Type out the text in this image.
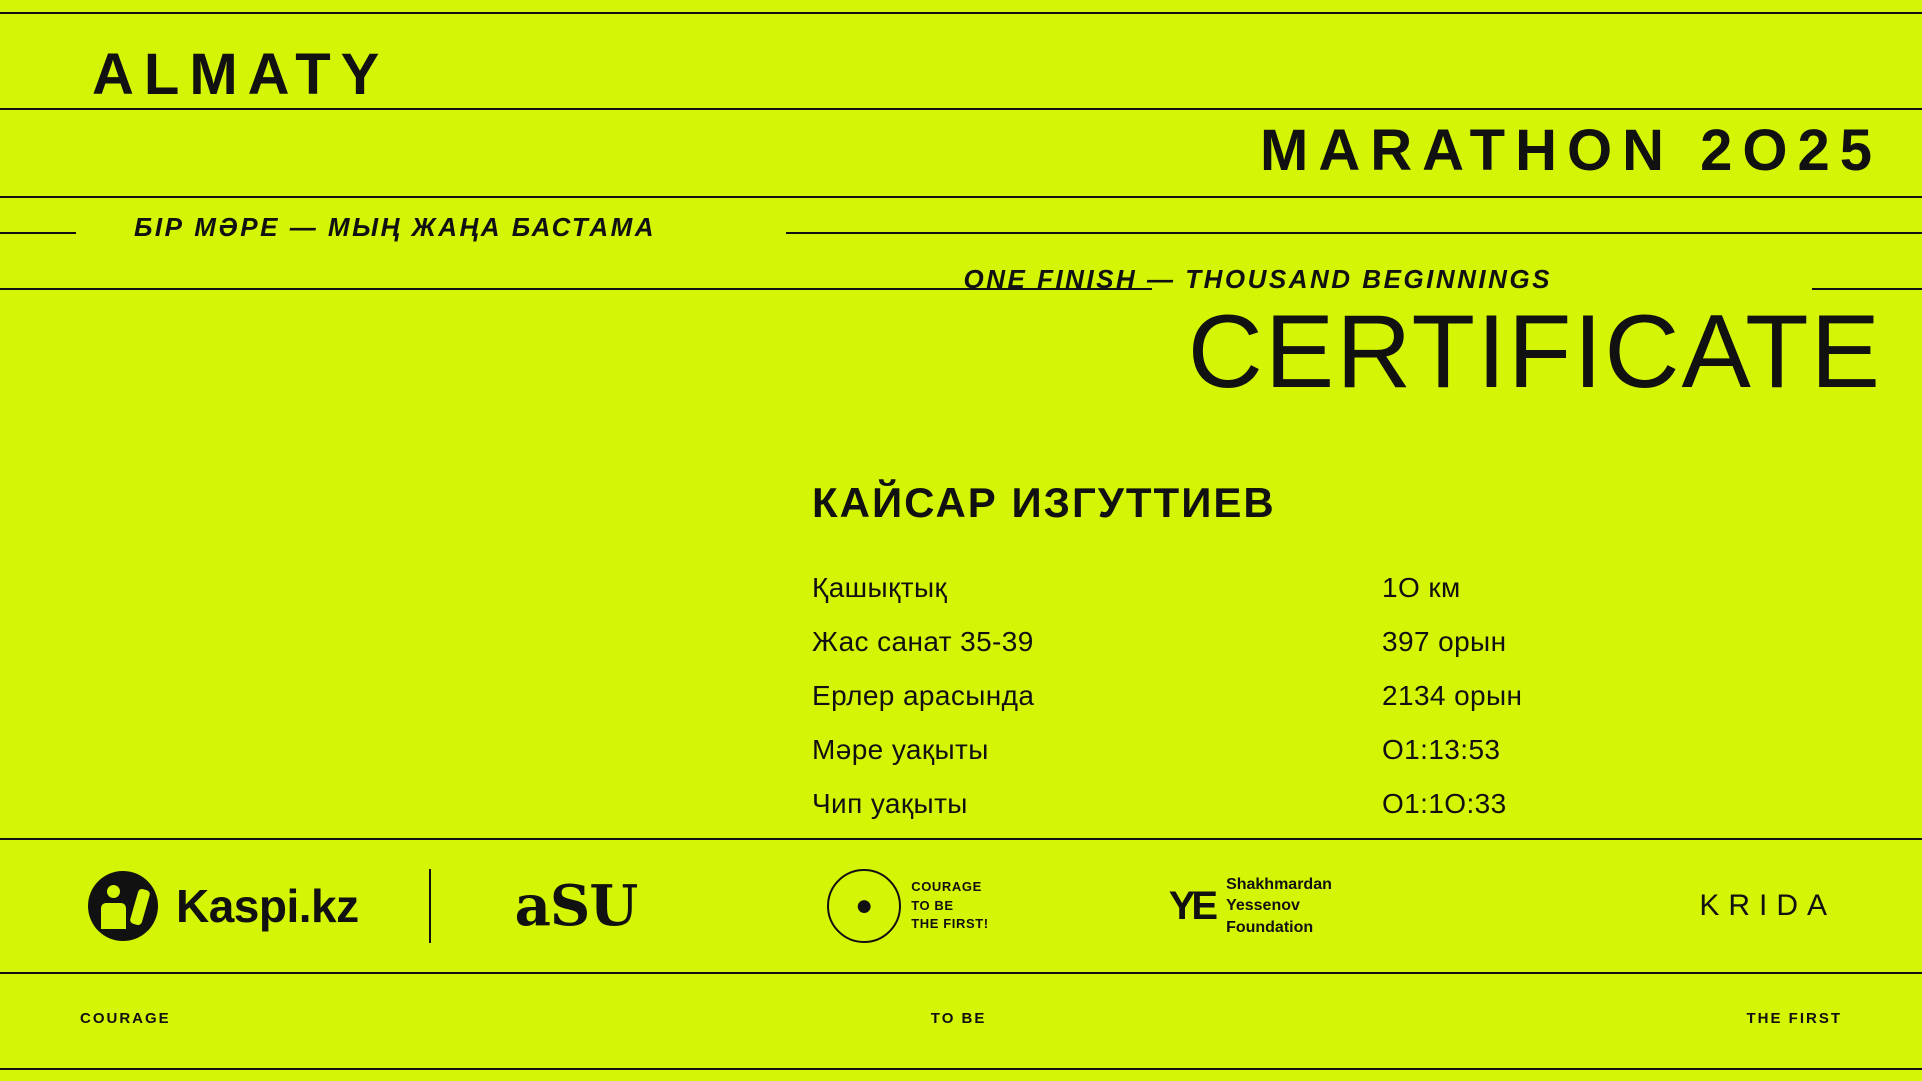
ALMATY
MARATHON 2O25
БІР МӘРЕ — МЫҢ ЖАҢА БАСТАМА
ONE FINISH — THOUSAND BEGINNINGS
CERTIFICATE
КАЙСАР ИЗГУТТИЕВ
Қашықтық	1O км
Жас санат 35-39	397 орын
Ерлер арасында	2134 орын
Мәре уақыты	O1:13:53
Чип уақыты	O1:1O:33
Kaspi.kz	aSU	●
COURAGE
TO BE
THE FIRST!	YE Shakhmardan
Yessenov
Foundation
KRIDA
COURAGE	TO BE	THE FIRST
